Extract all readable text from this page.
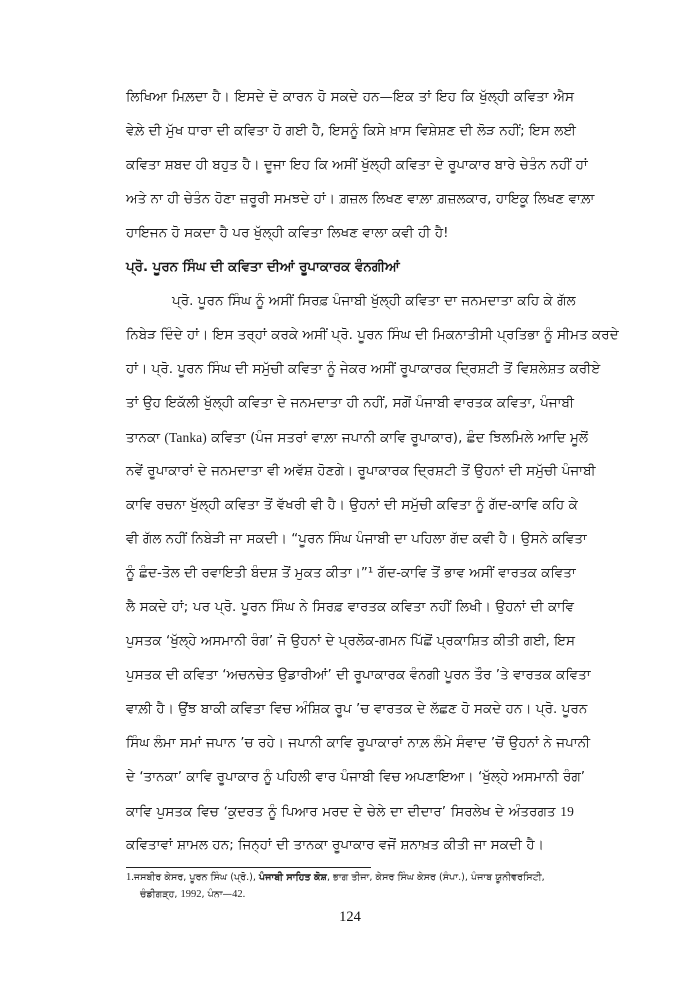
ਲਿਖਿਆ ਮਿਲ਼ਦਾ ਹੈ। ਇਸਦੇ ਦੋ ਕਾਰਨ ਹੋ ਸਕਦੇ ਹਨ—ਇਕ ਤਾਂ ਇਹ ਕਿ ਖੁੱਲ੍ਹੀ ਕਵਿਤਾ ਐਸ
ਵੇਲ਼ੇ ਦੀ ਮੁੱਖ ਧਾਰਾ ਦੀ ਕਵਿਤਾ ਹੋ ਗਈ ਹੈ, ਇਸਨੂੰ ਕਿਸੇ ਖ਼ਾਸ ਵਿਸ਼ੇਸ਼ਣ ਦੀ ਲੋੜ ਨਹੀਂ; ਇਸ ਲਈ
ਕਵਿਤਾ ਸ਼ਬਦ ਹੀ ਬਹੁਤ ਹੈ। ਦੂਜਾ ਇਹ ਕਿ ਅਸੀਂ ਖੁੱਲ੍ਹੀ ਕਵਿਤਾ ਦੇ ਰੂਪਾਕਾਰ ਬਾਰੇ ਚੇਤੰਨ ਨਹੀਂ ਹਾਂ
ਅਤੇ ਨਾ ਹੀ ਚੇਤੰਨ ਹੋਣਾ ਜ਼ਰੂਰੀ ਸਮਝਦੇ ਹਾਂ। ਗ਼ਜ਼ਲ ਲਿਖਣ ਵਾਲ਼ਾ ਗ਼ਜ਼ਲਕਾਰ, ਹਾਇਕੂ ਲਿਖਣ ਵਾਲ਼ਾ
ਹਾਇਜਨ ਹੋ ਸਕਦਾ ਹੈ ਪਰ ਖੁੱਲ੍ਹੀ ਕਵਿਤਾ ਲਿਖਣ ਵਾਲਾ ਕਵੀ ਹੀ ਹੈ!
ਪ੍ਰੋ. ਪੂਰਨ ਸਿੰਘ ਦੀ ਕਵਿਤਾ ਦੀਆਂ ਰੂਪਾਕਾਰਕ ਵੰਨਗੀਆਂ
ਪ੍ਰੋ. ਪੂਰਨ ਸਿੰਘ ਨੂੰ ਅਸੀਂ ਸਿਰਫ਼ ਪੰਜਾਬੀ ਖੁੱਲ੍ਹੀ ਕਵਿਤਾ ਦਾ ਜਨਮਦਾਤਾ ਕਹਿ ਕੇ ਗੱਲ
ਨਿਬੇੜ ਦਿੰਦੇ ਹਾਂ। ਇਸ ਤਰ੍ਹਾਂ ਕਰਕੇ ਅਸੀਂ ਪ੍ਰੋ. ਪੂਰਨ ਸਿੰਘ ਦੀ ਮਿਕਨਾਤੀਸੀ ਪ੍ਰਤਿਭਾ ਨੂੰ ਸੀਮਤ ਕਰਦੇ
ਹਾਂ। ਪ੍ਰੋ. ਪੂਰਨ ਸਿੰਘ ਦੀ ਸਮੁੱਚੀ ਕਵਿਤਾ ਨੂੰ ਜੇਕਰ ਅਸੀਂ ਰੂਪਾਕਾਰਕ ਦ੍ਰਿਸ਼ਟੀ ਤੋਂ ਵਿਸ਼ਲੇਸ਼ਤ ਕਰੀਏ
ਤਾਂ ਉਹ ਇਕੱਲੀ ਖੁੱਲ੍ਹੀ ਕਵਿਤਾ ਦੇ ਜਨਮਦਾਤਾ ਹੀ ਨਹੀਂ, ਸਗੋਂ ਪੰਜਾਬੀ ਵਾਰਤਕ ਕਵਿਤਾ, ਪੰਜਾਬੀ
ਤਾਨਕਾ (Tanka) ਕਵਿਤਾ (ਪੰਜ ਸਤਰਾਂ ਵਾਲ਼ਾ ਜਪਾਨੀ ਕਾਵਿ ਰੂਪਾਕਾਰ), ਛੰਦ ਝਿਲਮਿਲੇ ਆਦਿ ਮੂਲੋਂ
ਨਵੇਂ ਰੂਪਾਕਾਰਾਂ ਦੇ ਜਨਮਦਾਤਾ ਵੀ ਅਵੱਸ਼ ਹੋਣਗੇ। ਰੂਪਾਕਾਰਕ ਦ੍ਰਿਸ਼ਟੀ ਤੋਂ ਉਹਨਾਂ ਦੀ ਸਮੁੱਚੀ ਪੰਜਾਬੀ
ਕਾਵਿ ਰਚਨਾ ਖੁੱਲ੍ਹੀ ਕਵਿਤਾ ਤੋਂ ਵੱਖਰੀ ਵੀ ਹੈ। ਉਹਨਾਂ ਦੀ ਸਮੁੱਚੀ ਕਵਿਤਾ ਨੂੰ ਗੱਦ-ਕਾਵਿ ਕਹਿ ਕੇ
ਵੀ ਗੱਲ ਨਹੀਂ ਨਿਬੇੜੀ ਜਾ ਸਕਦੀ। “ਪੂਰਨ ਸਿੰਘ ਪੰਜਾਬੀ ਦਾ ਪਹਿਲਾ ਗੱਦ ਕਵੀ ਹੈ। ਉਸਨੇ ਕਵਿਤਾ
ਨੂੰ ਛੰਦ-ਤੋਲ ਦੀ ਰਵਾਇਤੀ ਬੰਦਸ਼ ਤੋਂ ਮੁਕਤ ਕੀਤਾ।”¹ ਗੱਦ-ਕਾਵਿ ਤੋਂ ਭਾਵ ਅਸੀਂ ਵਾਰਤਕ ਕਵਿਤਾ
ਲੈ ਸਕਦੇ ਹਾਂ; ਪਰ ਪ੍ਰੋ. ਪੂਰਨ ਸਿੰਘ ਨੇ ਸਿਰਫ਼ ਵਾਰਤਕ ਕਵਿਤਾ ਨਹੀਂ ਲਿਖੀ। ਉਹਨਾਂ ਦੀ ਕਾਵਿ
ਪੁਸਤਕ ‘ਖੁੱਲ੍ਹੇ ਅਸਮਾਨੀ ਰੰਗ’ ਜੋ ਉਹਨਾਂ ਦੇ ਪ੍ਰਲੋਕ-ਗਮਨ ਪਿੱਛੋਂ ਪ੍ਰਕਾਸ਼ਿਤ ਕੀਤੀ ਗਈ, ਇਸ
ਪੁਸਤਕ ਦੀ ਕਵਿਤਾ ‘ਅਚਨਚੇਤ ਉਡਾਰੀਆਂ’ ਦੀ ਰੂਪਾਕਾਰਕ ਵੰਨਗੀ ਪੂਰਨ ਤੌਰ ’ਤੇ ਵਾਰਤਕ ਕਵਿਤਾ
ਵਾਲ਼ੀ ਹੈ। ਉਂਝ ਬਾਕੀ ਕਵਿਤਾ ਵਿਚ ਅੰਸ਼ਿਕ ਰੂਪ ’ਚ ਵਾਰਤਕ ਦੇ ਲੱਛਣ ਹੋ ਸਕਦੇ ਹਨ। ਪ੍ਰੋ. ਪੂਰਨ
ਸਿੰਘ ਲੰਮਾ ਸਮਾਂ ਜਪਾਨ ’ਚ ਰਹੇ। ਜਪਾਨੀ ਕਾਵਿ ਰੂਪਾਕਾਰਾਂ ਨਾਲ਼ ਲੰਮੇ ਸੰਵਾਦ ’ਚੋਂ ਉਹਨਾਂ ਨੇ ਜਪਾਨੀ
ਦੇ ‘ਤਾਨਕਾ’ ਕਾਵਿ ਰੂਪਾਕਾਰ ਨੂੰ ਪਹਿਲੀ ਵਾਰ ਪੰਜਾਬੀ ਵਿਚ ਅਪਣਾਇਆ। ‘ਖੁੱਲ੍ਹੇ ਅਸਮਾਨੀ ਰੰਗ’
ਕਾਵਿ ਪੁਸਤਕ ਵਿਚ ‘ਕੁਦਰਤ ਨੂੰ ਪਿਆਰ ਮਰਦ ਦੇ ਚੇਲੇ ਦਾ ਦੀਦਾਰ’ ਸਿਰਲੇਖ ਦੇ ਅੰਤਰਗਤ 19
ਕਵਿਤਾਵਾਂ ਸ਼ਾਮਲ ਹਨ; ਜਿਨ੍ਹਾਂ ਦੀ ਤਾਨਕਾ ਰੂਪਾਕਾਰ ਵਜੋਂ ਸ਼ਨਾਖ਼ਤ ਕੀਤੀ ਜਾ ਸਕਦੀ ਹੈ।
1.ਜਸਬੀਰ ਕੇਸਰ, ਪੂਰਨ ਸਿੰਘ (ਪ੍ਰੋ.), ਪੰਜਾਬੀ ਸਾਹਿਤ ਕੋਸ਼, ਭਾਗ ਤੀਜਾ, ਕੇਸਰ ਸਿੰਘ ਕੇਸਰ (ਸੰਪਾ.), ਪੰਜਾਬ ਯੂਨੀਵਰਸਿਟੀ,
ਚੰਡੀਗੜ੍ਹ, 1992, ਪੰਨਾ—42.
124
